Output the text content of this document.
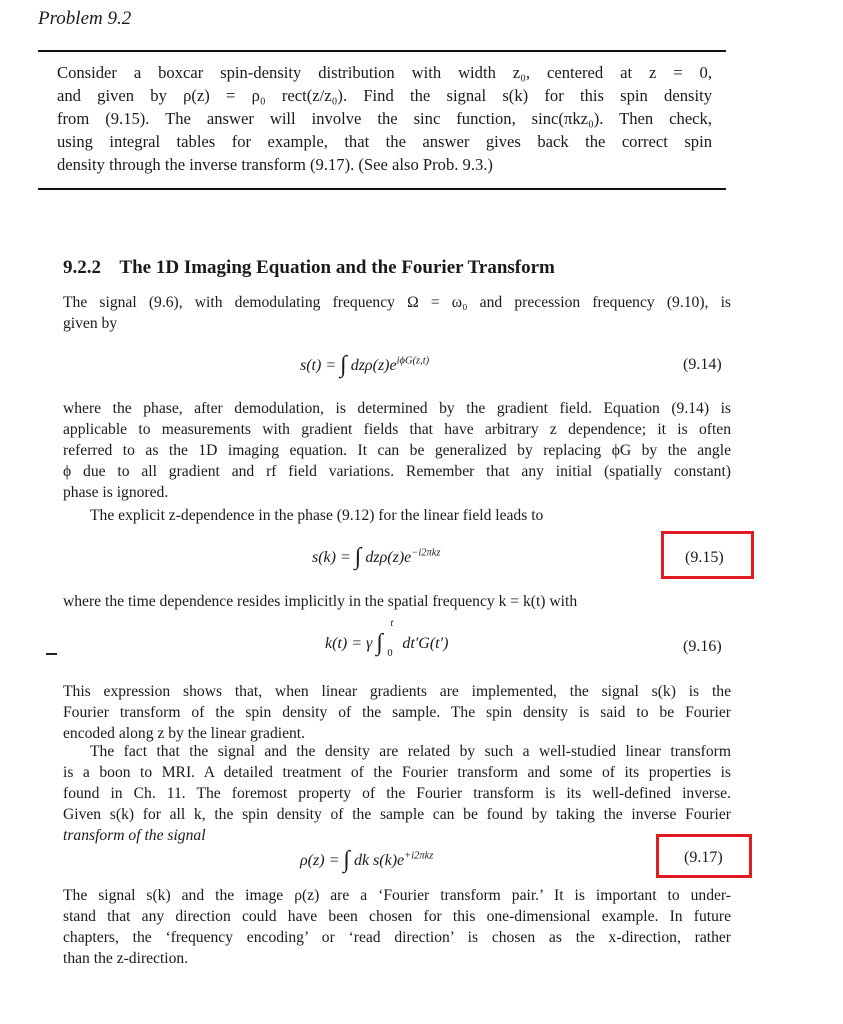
Problem 9.2
Consider a boxcar spin-density distribution with width z₀, centered at z = 0,
and given by ρ(z) = ρ₀ rect(z/z₀). Find the signal s(k) for this spin density
from (9.15). The answer will involve the sinc function, sinc(πkz₀). Then check,
using integral tables for example, that the answer gives back the correct spin
density through the inverse transform (9.17). (See also Prob. 9.3.)
9.2.2 The 1D Imaging Equation and the Fourier Transform
The signal (9.6), with demodulating frequency Ω = ω₀ and precession frequency (9.10), is
given by
s(t) = ∫ $dz\rho(z)e^{i\phi G(z,t)}$	(9.14)
where the phase, after demodulation, is determined by the gradient field. Equation (9.14) is
applicable to measurements with gradient fields that have arbitrary z dependence; it is often
referred to as the 1D imaging equation. It can be generalized by replacing ϕG by the angle
ϕ due to all gradient and rf field variations. Remember that any initial (spatially constant)
phase is ignored.
The explicit z-dependence in the phase (9.12) for the linear field leads to
s(k) = ∫ $dz\rho(z)e^{-i2\pi kz}$	(9.15)
where the time dependence resides implicitly in the spatial frequency k = k(t) with
k(t) = γ ∫
t
0
dt′G(t′)	(9.16)
This expression shows that, when linear gradients are implemented, the signal s(k) is the
Fourier transform of the spin density of the sample. The spin density is said to be Fourier
encoded along z by the linear gradient.
The fact that the signal and the density are related by such a well-studied linear transform
is a boon to MRI. A detailed treatment of the Fourier transform and some of its properties is
found in Ch. 11. The foremost property of the Fourier transform is its well-defined inverse.
Given s(k) for all k, the spin density of the sample can be found by taking the inverse Fourier
transform of the signal
ρ(z) = ∫ dk $s(k)e^{+i2\pi kz}$	(9.17)
The signal s(k) and the image ρ(z) are a ‘Fourier transform pair.’ It is important to under-
stand that any direction could have been chosen for this one-dimensional example. In future
chapters, the ‘frequency encoding’ or ‘read direction’ is chosen as the x-direction, rather
than the z-direction.
